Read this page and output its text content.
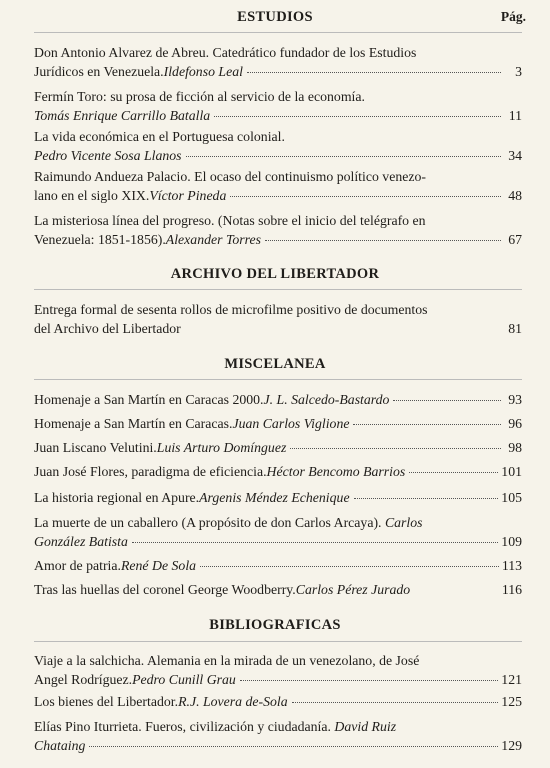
Pág.
ESTUDIOS
Don Antonio Alvarez de Abreu. Catedrático fundador de los Estudios
Jurídicos en Venezuela. Ildefonso Leal	3
Fermín Toro: su prosa de ficción al servicio de la economía.
Tomás Enrique Carrillo Batalla	11
La vida económica en el Portuguesa colonial.
Pedro Vicente Sosa Llanos	34
Raimundo Andueza Palacio. El ocaso del continuismo político venezo-
lano en el siglo XIX. Víctor Pineda	48
La misteriosa línea del progreso. (Notas sobre el inicio del telégrafo en
Venezuela: 1851-1856). Alexander Torres	67
ARCHIVO DEL LIBERTADOR
Entrega formal de sesenta rollos de microfilme positivo de documentos
del Archivo del Libertador	81
MISCELANEA
Homenaje a San Martín en Caracas 2000. J. L. Salcedo-Bastardo	93
Homenaje a San Martín en Caracas. Juan Carlos Viglione	96
Juan Liscano Velutini. Luis Arturo Domínguez	98
Juan José Flores, paradigma de eficiencia. Héctor Bencomo Barrios	101
La historia regional en Apure. Argenis Méndez Echenique	105
La muerte de un caballero (A propósito de don Carlos Arcaya). Carlos
González Batista	109
Amor de patria. René De Sola	113
Tras las huellas del coronel George Woodberry. Carlos Pérez Jurado	116
BIBLIOGRAFICAS
Viaje a la salchicha. Alemania en la mirada de un venezolano, de José
Angel Rodríguez. Pedro Cunill Grau	121
Los bienes del Libertador. R.J. Lovera de-Sola	125
Elías Pino Iturrieta. Fueros, civilización y ciudadanía. David Ruiz
Chataing	129
